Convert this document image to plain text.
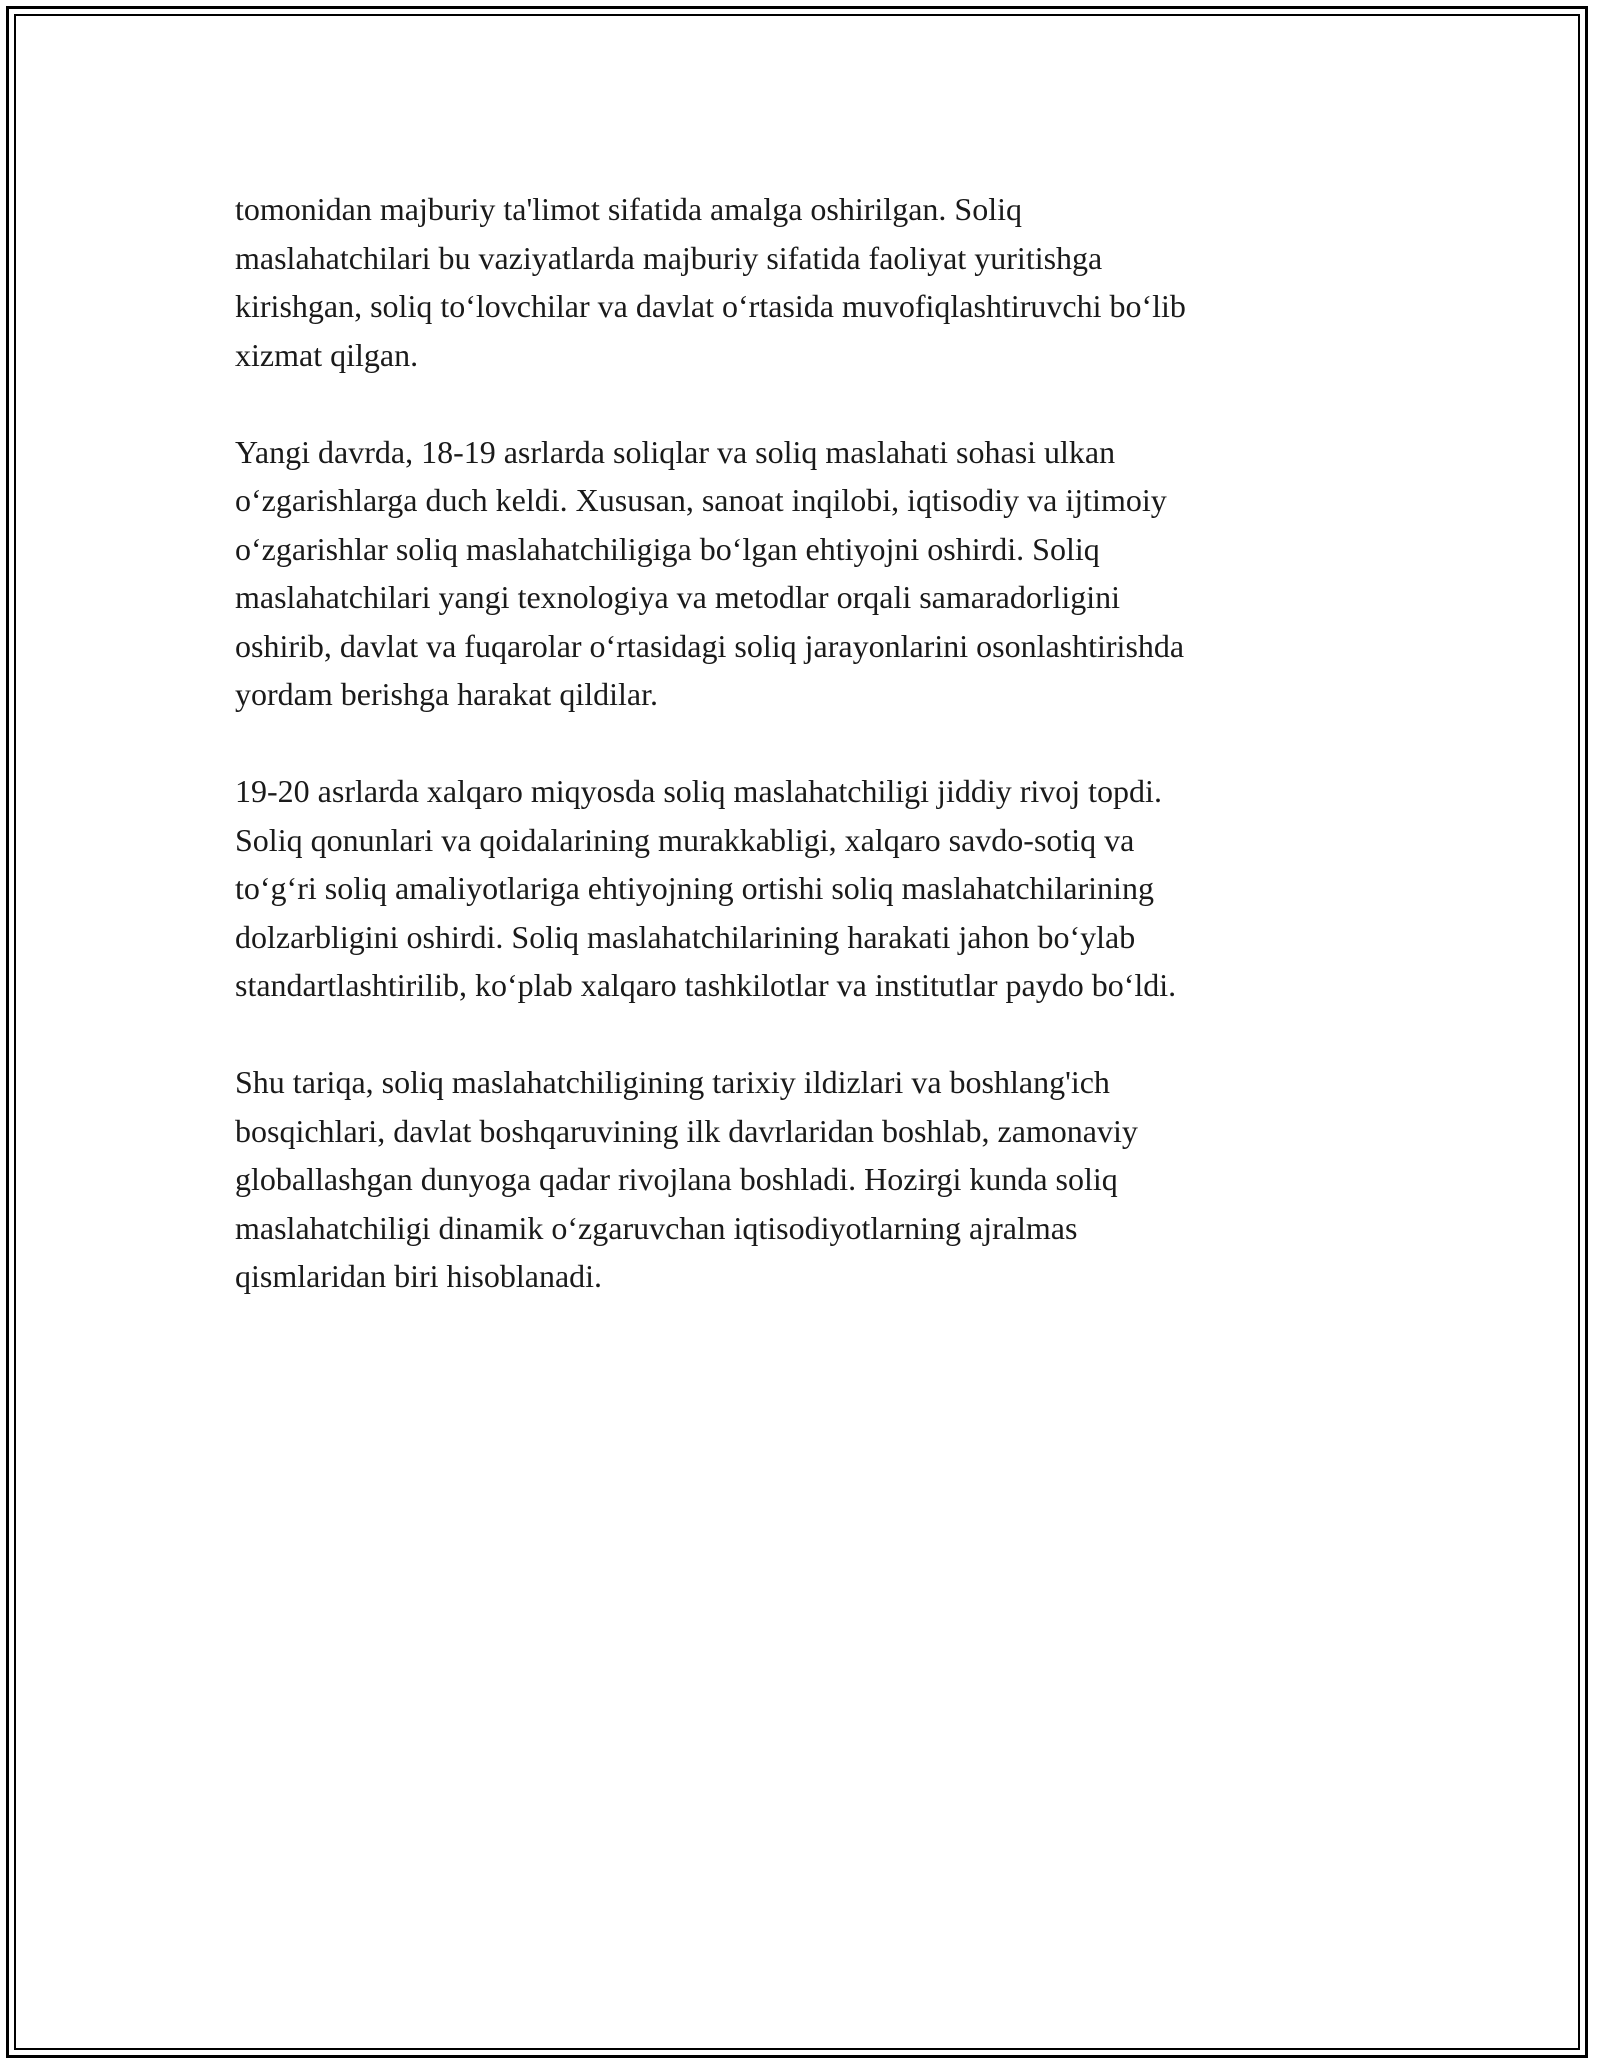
tomonidan majburiy ta'limot sifatida amalga oshirilgan. Soliq
maslahatchilari bu vaziyatlarda majburiy sifatida faoliyat yuritishga
kirishgan, soliq to‘lovchilar va davlat o‘rtasida muvofiqlashtiruvchi bo‘lib
xizmat qilgan.

Yangi davrda, 18-19 asrlarda soliqlar va soliq maslahati sohasi ulkan
o‘zgarishlarga duch keldi. Xususan, sanoat inqilobi, iqtisodiy va ijtimoiy
o‘zgarishlar soliq maslahatchiligiga bo‘lgan ehtiyojni oshirdi. Soliq
maslahatchilari yangi texnologiya va metodlar orqali samaradorligini
oshirib, davlat va fuqarolar o‘rtasidagi soliq jarayonlarini osonlashtirishda
yordam berishga harakat qildilar.

19-20 asrlarda xalqaro miqyosda soliq maslahatchiligi jiddiy rivoj topdi.
Soliq qonunlari va qoidalarining murakkabligi, xalqaro savdo-sotiq va
to‘g‘ri soliq amaliyotlariga ehtiyojning ortishi soliq maslahatchilarining
dolzarbligini oshirdi. Soliq maslahatchilarining harakati jahon bo‘ylab
standartlashtirilib, ko‘plab xalqaro tashkilotlar va institutlar paydo bo‘ldi.

Shu tariqa, soliq maslahatchiligining tarixiy ildizlari va boshlang'ich
bosqichlari, davlat boshqaruvining ilk davrlaridan boshlab, zamonaviy
globallashgan dunyoga qadar rivojlana boshladi. Hozirgi kunda soliq
maslahatchiligi dinamik o‘zgaruvchan iqtisodiyotlarning ajralmas
qismlaridan biri hisoblanadi.
